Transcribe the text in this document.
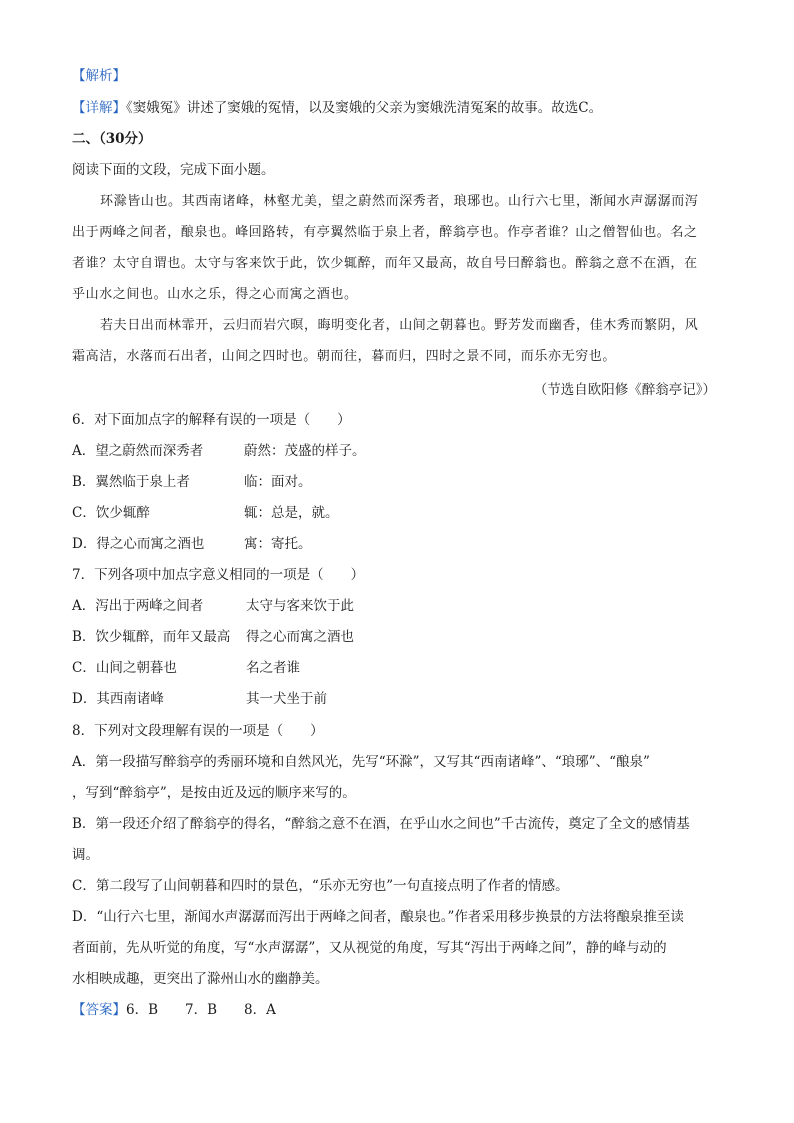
【解析】
【详解】《窦娥冤》讲述了窦娥的冤情，以及窦娥的父亲为窦娥洗清冤案的故事。故选C。
二、（30分）
阅读下面的文段，完成下面小题。
环滁皆山也。其西南诸峰，林壑尤美，望之蔚然而深秀者，琅琊也。山行六七里，渐闻水声潺潺而泻
出于两峰之间者，酿泉也。峰回路转，有亭翼然临于泉上者，醉翁亭也。作亭者谁？山之僧智仙也。名之
者谁？太守自谓也。太守与客来饮于此，饮少辄醉，而年又最高，故自号曰醉翁也。醉翁之意不在酒，在
乎山水之间也。山水之乐，得之心而寓之酒也。
若夫日出而林霏开，云归而岩穴暝，晦明变化者，山间之朝暮也。野芳发而幽香，佳木秀而繁阴，风
霜高洁，水落而石出者，山间之四时也。朝而往，暮而归，四时之景不同，而乐亦无穷也。
（节选自欧阳修《醉翁亭记》）
6．对下面加点字的解释有误的一项是（　　）
A．望之蔚然而深秀者	蔚然：茂盛的样子。
B．翼然临于泉上者	临：面对。
C．饮少辄醉	辄：总是，就。
D．得之心而寓之酒也	寓：寄托。
7．下列各项中加点字意义相同的一项是（　　）
A．泻出于两峰之间者	太守与客来饮于此
B．饮少辄醉，而年又最高 得之心而寓之酒也
C．山间之朝暮也	名之者谁
D．其西南诸峰	其一犬坐于前
8．下列对文段理解有误的一项是（　　）
A．第一段描写醉翁亭的秀丽环境和自然风光，先写“环滁”，又写其“西南诸峰”、“琅琊”、“酿泉”
，写到“醉翁亭”，是按由近及远的顺序来写的。
B．第一段还介绍了醉翁亭的得名，“醉翁之意不在酒，在乎山水之间也”千古流传，奠定了全文的感情基
调。
C．第二段写了山间朝暮和四时的景色，“乐亦无穷也”一句直接点明了作者的情感。
D．“山行六七里，渐闻水声潺潺而泻出于两峰之间者，酿泉也。”作者采用移步换景的方法将酿泉推至读
者面前，先从听觉的角度，写“水声潺潺”，又从视觉的角度，写其“泻出于两峰之间”，静的峰与动的
水相映成趣，更突出了滁州山水的幽静美。
【答案】6．B　　7．B　　8．A
